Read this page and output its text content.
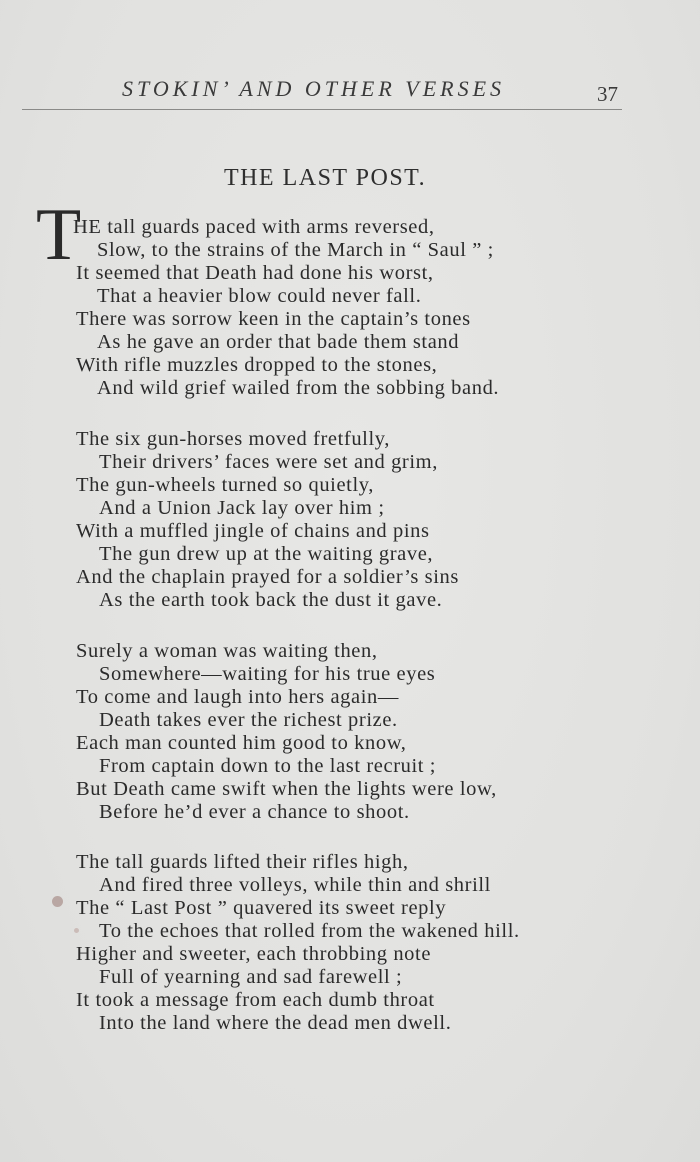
STOKIN’ AND OTHER VERSES	37
THE LAST POST.
T
HE tall guards paced with arms reversed,
Slow, to the strains of the March in “ Saul ” ;
It seemed that Death had done his worst,
That a heavier blow could never fall.
There was sorrow keen in the captain’s tones
As he gave an order that bade them stand
With rifle muzzles dropped to the stones,
And wild grief wailed from the sobbing band.
The six gun-horses moved fretfully,
Their drivers’ faces were set and grim,
The gun-wheels turned so quietly,
And a Union Jack lay over him ;
With a muffled jingle of chains and pins
The gun drew up at the waiting grave,
And the chaplain prayed for a soldier’s sins
As the earth took back the dust it gave.
Surely a woman was waiting then,
Somewhere—waiting for his true eyes
To come and laugh into hers again—
Death takes ever the richest prize.
Each man counted him good to know,
From captain down to the last recruit ;
But Death came swift when the lights were low,
Before he’d ever a chance to shoot.
The tall guards lifted their rifles high,
And fired three volleys, while thin and shrill
The “ Last Post ” quavered its sweet reply
To the echoes that rolled from the wakened hill.
Higher and sweeter, each throbbing note
Full of yearning and sad farewell ;
It took a message from each dumb throat
Into the land where the dead men dwell.
